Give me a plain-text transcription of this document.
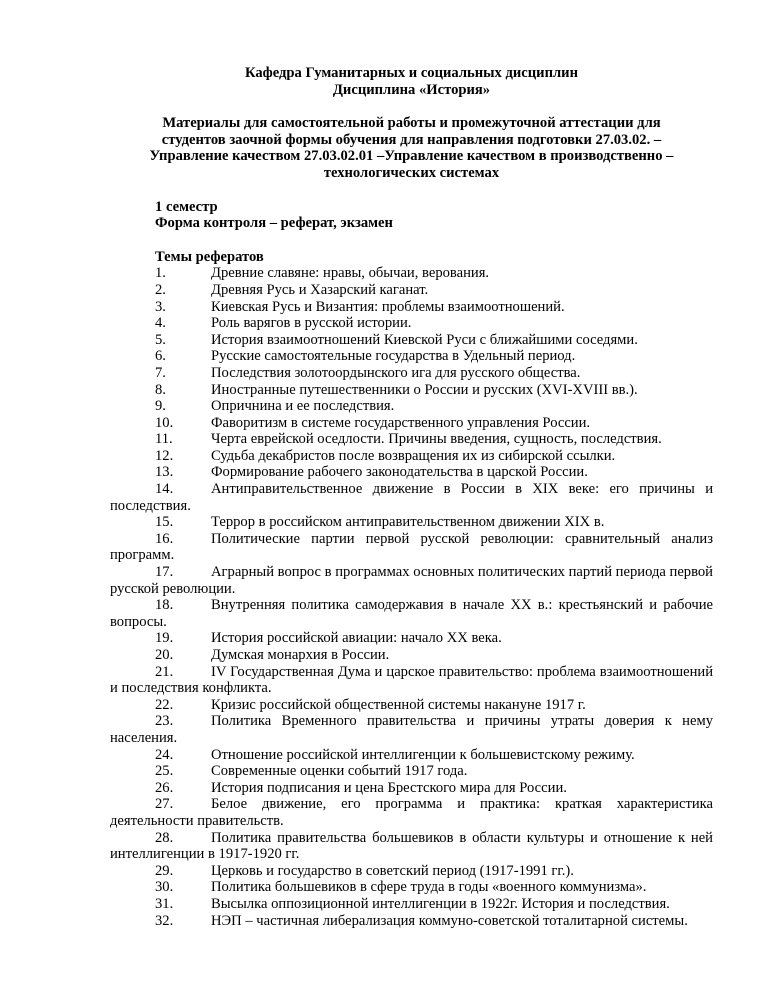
Кафедра Гуманитарных и социальных дисциплин
Дисциплина «История»
Материалы для самостоятельной работы и промежуточной аттестации для
студентов заочной формы обучения для направления подготовки 27.03.02. –
Управление качеством 27.03.02.01 –Управление качеством в производственно –
технологических системах
1 семестр
Форма контроля – реферат, экзамен
Темы рефератов
1.	Древние славяне: нравы, обычаи, верования.
2.	Древняя Русь и Хазарский каганат.
3.	Киевская Русь и Византия: проблемы взаимоотношений.
4.	Роль варягов в русской истории.
5.	История взаимоотношений Киевской Руси с ближайшими соседями.
6.	Русские самостоятельные государства в Удельный период.
7.	Последствия золотоордынского ига для русского общества.
8.	Иностранные путешественники о России и русских (XVI-XVIII вв.).
9.	Опричнина и ее последствия.
10.	Фаворитизм в системе государственного управления России.
11.	Черта еврейской оседлости. Причины введения, сущность, последствия.
12.	Судьба декабристов после возвращения их из сибирской ссылки.
13.	Формирование рабочего законодательства в царской России.
14.	Антиправительственное движение в России в XIX веке: его причины и последствия.
15.	Террор в российском антиправительственном движении XIX в.
16.	Политические партии первой русской революции: сравнительный анализ программ.
17.	Аграрный вопрос в программах основных политических партий периода первой русской революции.
18.	Внутренняя политика самодержавия в начале XX в.: крестьянский и рабочие вопросы.
19.	История российской авиации: начало XX века.
20.	Думская монархия в России.
21.	IV Государственная Дума и царское правительство: проблема взаимоотношений и последствия конфликта.
22.	Кризис российской общественной системы накануне 1917 г.
23.	Политика Временного правительства и причины утраты доверия к нему населения.
24.	Отношение российской интеллигенции к большевистскому режиму.
25.	Современные оценки событий 1917 года.
26.	История подписания и цена Брестского мира для России.
27.	Белое движение, его программа и практика: краткая характеристика деятельности правительств.
28.	Политика правительства большевиков в области культуры и отношение к ней интеллигенции в 1917-1920 гг.
29.	Церковь и государство в советский период (1917-1991 гг.).
30.	Политика большевиков в сфере труда в годы «военного коммунизма».
31.	Высылка оппозиционной интеллигенции в 1922г. История и последствия.
32.	НЭП – частичная либерализация коммуно-советской тоталитарной системы.
